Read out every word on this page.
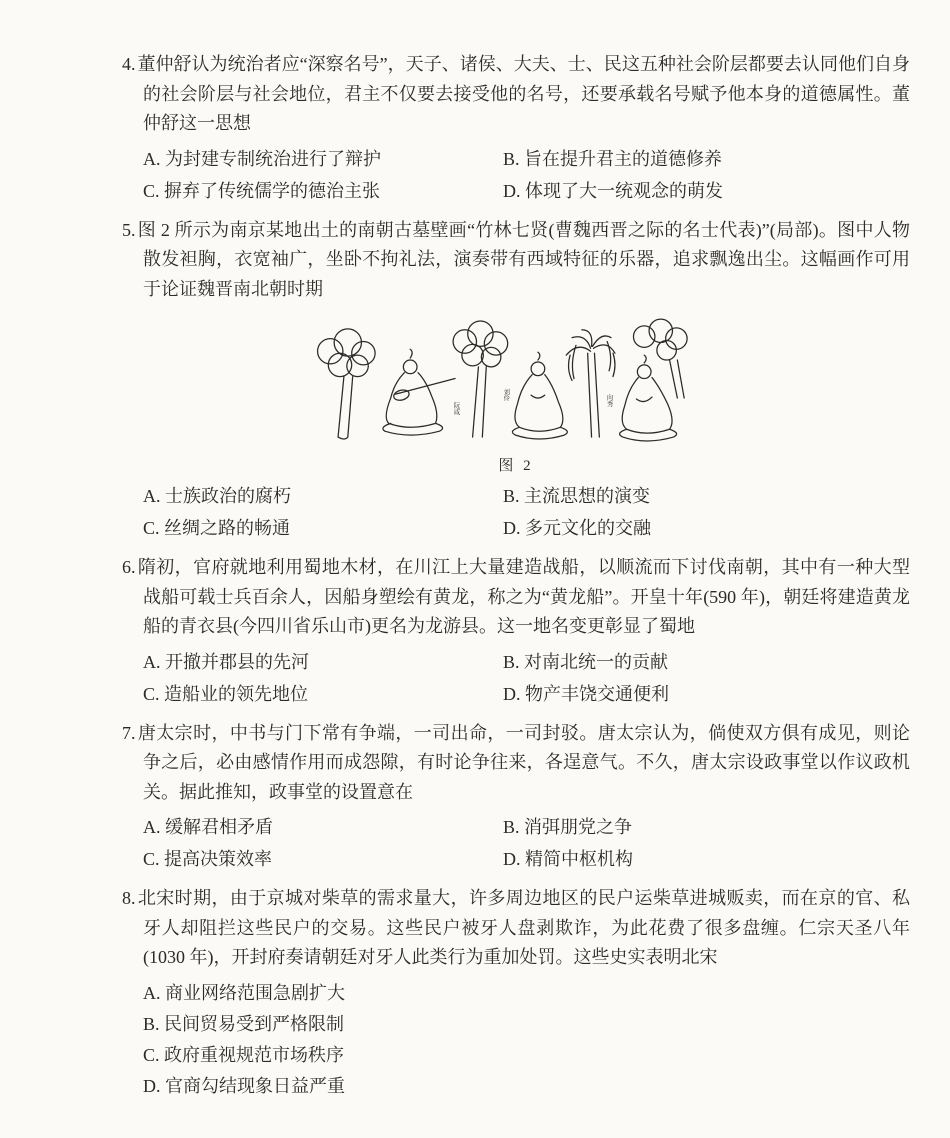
4. 董仲舒认为统治者应“深察名号”，天子、诸侯、大夫、士、民这五种社会阶层都要去认同他们自身的社会阶层与社会地位，君主不仅要去接受他的名号，还要承载名号赋予他本身的道德属性。董仲舒这一思想
A. 为封建专制统治进行了辩护	B. 旨在提升君主的道德修养
C. 摒弃了传统儒学的德治主张	D. 体现了大一统观念的萌发
5. 图 2 所示为南京某地出土的南朝古墓壁画“竹林七贤(曹魏西晋之际的名士代表)”(局部)。图中人物散发袒胸，衣宽袖广，坐卧不拘礼法，演奏带有西域特征的乐器，追求飘逸出尘。这幅画作可用于论证魏晋南北朝时期
阮咸
刘伶	向秀
图 2
A. 士族政治的腐朽	B. 主流思想的演变
C. 丝绸之路的畅通	D. 多元文化的交融
6. 隋初，官府就地利用蜀地木材，在川江上大量建造战船，以顺流而下讨伐南朝，其中有一种大型战船可载士兵百余人，因船身塑绘有黄龙，称之为“黄龙船”。开皇十年(590 年)，朝廷将建造黄龙船的青衣县(今四川省乐山市)更名为龙游县。这一地名变更彰显了蜀地
A. 开撤并郡县的先河	B. 对南北统一的贡献
C. 造船业的领先地位	D. 物产丰饶交通便利
7. 唐太宗时，中书与门下常有争端，一司出命，一司封驳。唐太宗认为，倘使双方俱有成见，则论争之后，必由感情作用而成怨隙，有时论争往来，各逞意气。不久，唐太宗设政事堂以作议政机关。据此推知，政事堂的设置意在
A. 缓解君相矛盾	B. 消弭朋党之争
C. 提高决策效率	D. 精简中枢机构
8. 北宋时期，由于京城对柴草的需求量大，许多周边地区的民户运柴草进城贩卖，而在京的官、私牙人却阻拦这些民户的交易。这些民户被牙人盘剥欺诈，为此花费了很多盘缠。仁宗天圣八年(1030 年)，开封府奏请朝廷对牙人此类行为重加处罚。这些史实表明北宋
A. 商业网络范围急剧扩大
B. 民间贸易受到严格限制
C. 政府重视规范市场秩序
D. 官商勾结现象日益严重
